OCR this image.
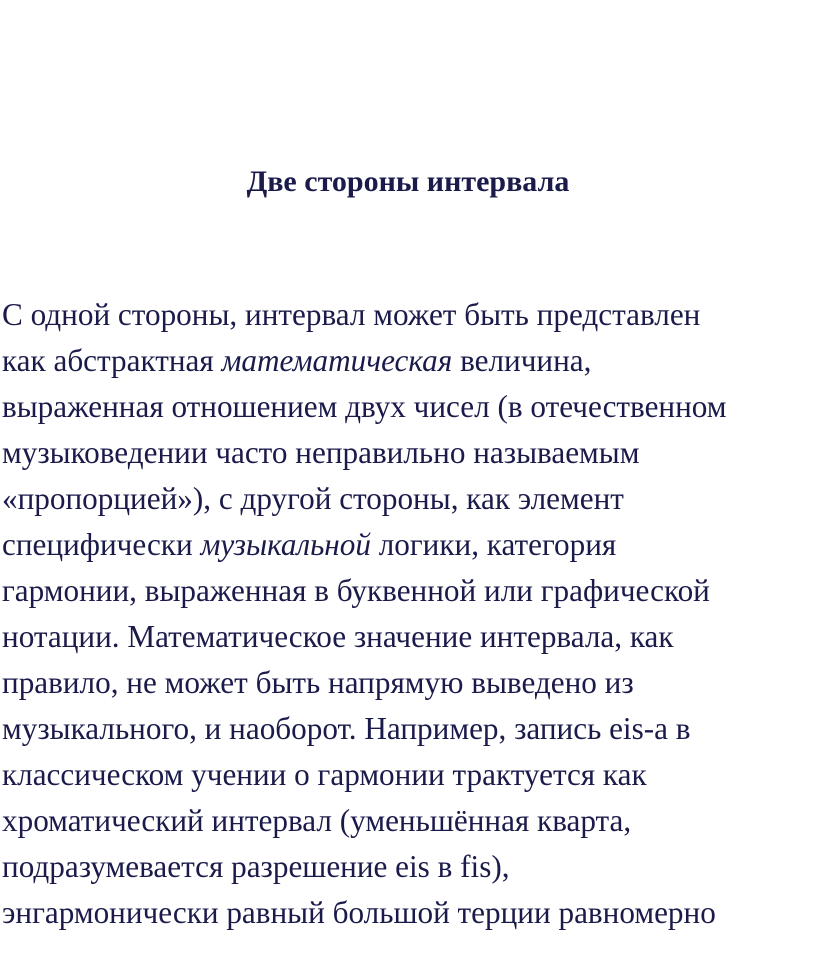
Две стороны интервала

С одной стороны, интервал может быть представлен
как абстрактная математическая величина,
выраженная отношением двух чисел (в отечественном
музыковедении часто неправильно называемым
«пропорцией»), с другой стороны, как элемент
специфически музыкальной логики, категория
гармонии, выраженная в буквенной или графической
нотации. Математическое значение интервала, как
правило, не может быть напрямую выведено из
музыкального, и наоборот. Например, запись eis-a в
классическом учении о гармонии трактуется как
хроматический интервал (уменьшённая кварта,
подразумевается разрешение eis в fis),
энгармонически равный большой терции равномерно
